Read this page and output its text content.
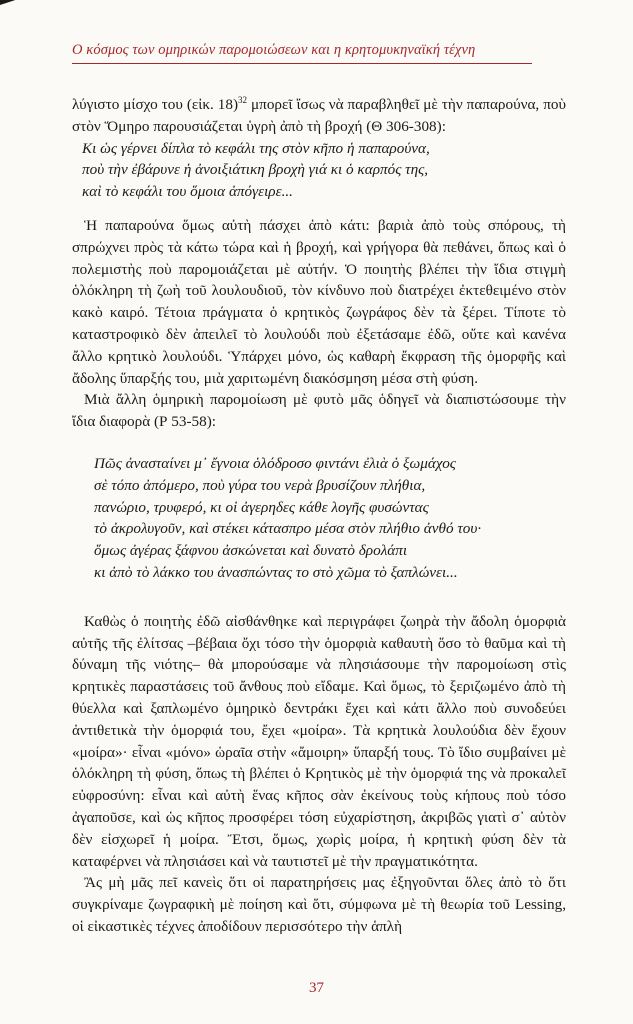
Ο κόσμος των ομηρικών παρομοιώσεων και η κρητομυκηναϊκή τέχνη

λύγιστο μίσχο του (εἰκ. 18)$^{32}$ μπορεῖ ἴσως νὰ παραβληθεῖ μὲ τὴν παπαρούνα, ποὺ στὸν Ὅμηρο παρουσιάζεται ὑγρὴ ἀπὸ τὴ βροχή (Θ 306-308):

Κι ὡς γέρνει δίπλα τὸ κεφάλι της στὸν κῆπο ἡ παπαρούνα,
ποὺ τὴν ἐβάρυνε ἡ ἀνοιξιάτικη βροχὴ γιά κι ὁ καρπός της,
καὶ τὸ κεφάλι του ὅμοια ἀπόγειρε...

Ἡ παπαρούνα ὅμως αὐτὴ πάσχει ἀπὸ κάτι: βαριὰ ἀπὸ τοὺς σπόρους, τὴ σπρώχνει πρὸς τὰ κάτω τώρα καὶ ἡ βροχή, καὶ γρήγορα θὰ πεθάνει, ὅπως καὶ ὁ πολεμιστὴς ποὺ παρομοιάζεται μὲ αὐτήν. Ὁ ποιητὴς βλέπει τὴν ἴδια στιγμὴ ὁλόκληρη τὴ ζωὴ τοῦ λουλουδιοῦ, τὸν κίνδυνο ποὺ διατρέχει ἐκτεθειμένο στὸν κακὸ καιρό. Τέτοια πράγματα ὁ κρητικὸς ζωγράφος δὲν τὰ ξέρει. Τίποτε τὸ καταστροφικὸ δὲν ἀπειλεῖ τὸ λουλούδι ποὺ ἐξετάσαμε ἐδῶ, οὔτε καὶ κανένα ἄλλο κρητικὸ λουλούδι. Ὑπάρχει μόνο, ὡς καθαρὴ ἔκφραση τῆς ὁμορφῆς καὶ ἄδολης ὕπαρξής του, μιὰ χαριτωμένη διακόσμηση μέσα στὴ φύση.

Μιὰ ἄλλη ὁμηρικὴ παρομοίωση μὲ φυτὸ μᾶς ὁδηγεῖ νὰ διαπιστώσουμε τὴν ἴδια διαφορὰ (Ρ 53-58):

Πῶς ἀνασταίνει μ᾿ ἔγνοια ὁλόδροσο φιντάνι ἐλιὰ ὁ ξωμάχος
σὲ τόπο ἀπόμερο, ποὺ γύρα του νερὰ βρυσίζουν πλήθια,
πανώριο, τρυφερό, κι οἱ ἀγερηδες κάθε λογῆς φυσώντας
τὸ ἀκρολυγοῦν, καὶ στέκει κάτασπρο μέσα στὸν πλήθιο ἀνθό του·
ὅμως ἀγέρας ξάφνου ἀσκώνεται καὶ δυνατὸ δρολάπι
κι ἀπὸ τὸ λάκκο του ἀνασπώντας το στὸ χῶμα τὸ ξαπλώνει...

Καθὼς ὁ ποιητὴς ἐδῶ αἰσθάνθηκε καὶ περιγράφει ζωηρὰ τὴν ἄδολη ὁμορφιὰ αὐτῆς τῆς ἐλίτσας –βέβαια ὄχι τόσο τὴν ὁμορφιὰ καθαυτὴ ὅσο τὸ θαῦμα καὶ τὴ δύναμη τῆς νιότης– θὰ μπορούσαμε νὰ πλησιάσουμε τὴν παρομοίωση στὶς κρητικὲς παραστάσεις τοῦ ἄνθους ποὺ εἴδαμε. Καὶ ὅμως, τὸ ξεριζωμένο ἀπὸ τὴ θύελλα καὶ ξαπλωμένο ὁμηρικὸ δεντράκι ἔχει καὶ κάτι ἄλλο ποὺ συνοδεύει ἀντιθετικὰ τὴν ὁμορφιά του, ἔχει «μοίρα». Τὰ κρητικὰ λουλούδια δὲν ἔχουν «μοίρα»· εἶναι «μόνο» ὡραῖα στὴν «ἄμοιρη» ὕπαρξή τους. Τὸ ἴδιο συμβαίνει μὲ ὁλόκληρη τὴ φύση, ὅπως τὴ βλέπει ὁ Κρητικὸς μὲ τὴν ὁμορφιά της νὰ προκαλεῖ εὐφροσύνη: εἶναι καὶ αὐτὴ ἕνας κῆπος σὰν ἐκείνους τοὺς κήπους ποὺ τόσο ἀγαποῦσε, καὶ ὡς κῆπος προσφέρει τόση εὐχαρίστηση, ἀκριβῶς γιατὶ σ᾿ αὐτὸν δὲν εἰσχωρεῖ ἡ μοίρα. Ἔτσι, ὅμως, χωρὶς μοίρα, ἡ κρητικὴ φύση δὲν τὰ καταφέρνει νὰ πλησιάσει καὶ νὰ ταυτιστεῖ μὲ τὴν πραγματικότητα.

Ἂς μὴ μᾶς πεῖ κανεὶς ὅτι οἱ παρατηρήσεις μας ἐξηγοῦνται ὅλες ἀπὸ τὸ ὅτι συγκρίναμε ζωγραφικὴ μὲ ποίηση καὶ ὅτι, σύμφωνα μὲ τὴ θεωρία τοῦ Lessing, οἱ εἰκαστικὲς τέχνες ἀποδίδουν περισσότερο τὴν ἁπλὴ

37
